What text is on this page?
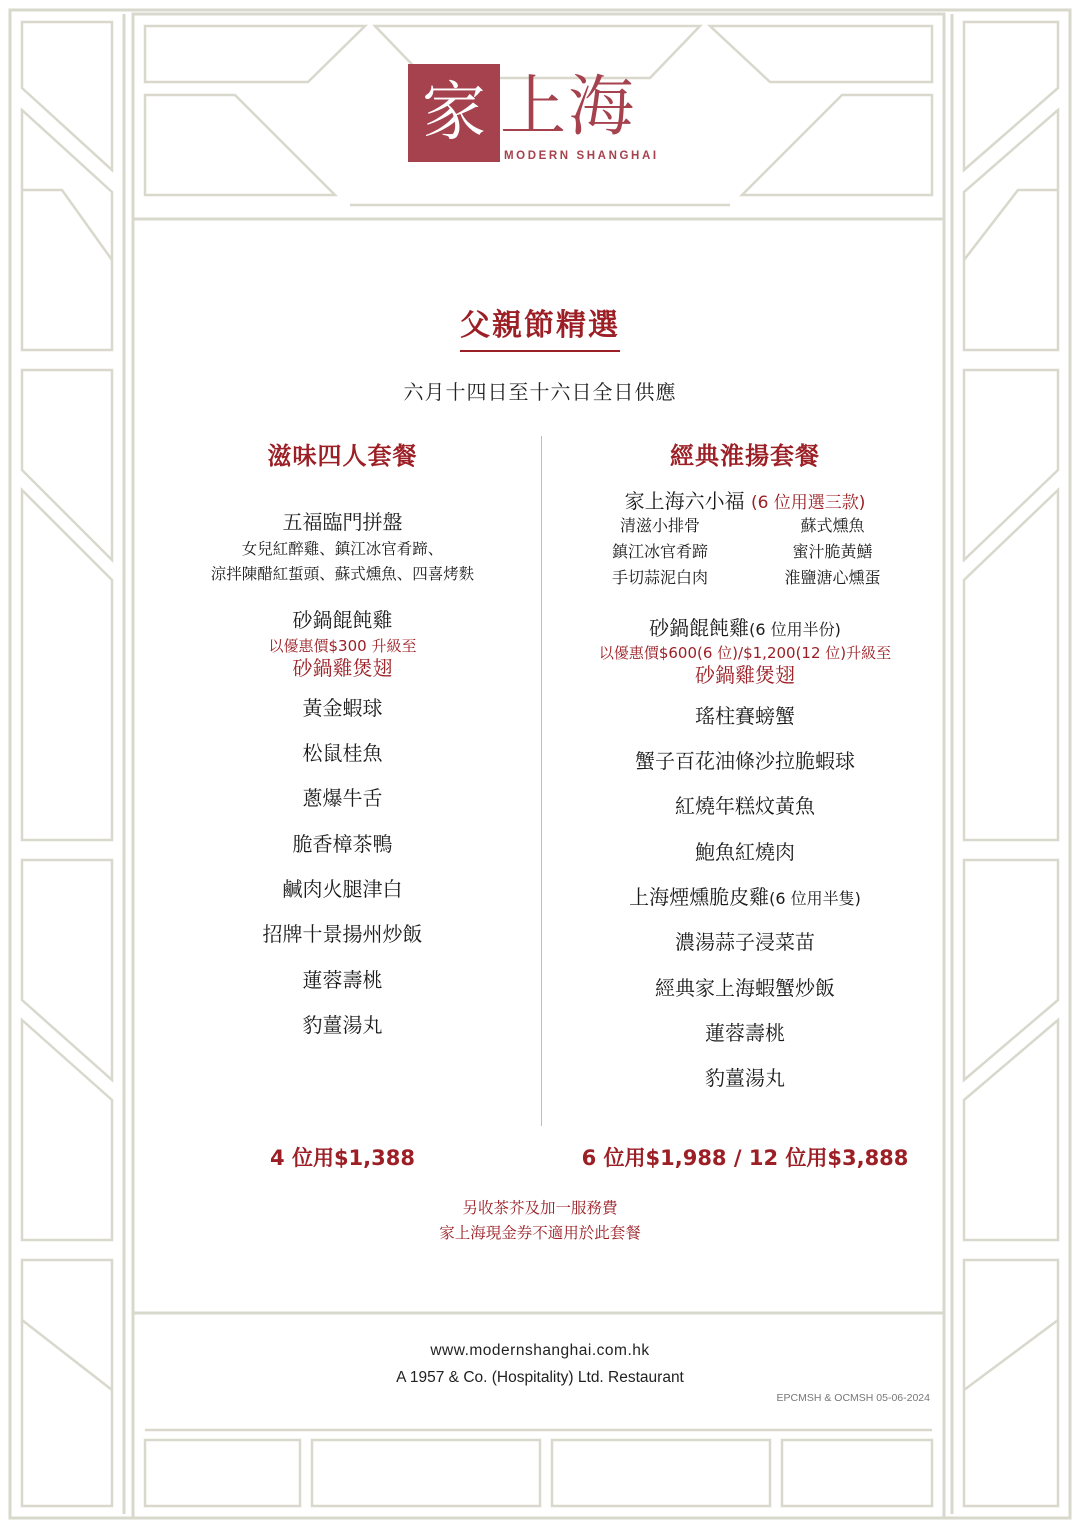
家 上海
MODERN SHANGHAI
父親節精選
六月十四日至十六日全日供應
滋味四人套餐
五福臨門拼盤
女兒紅醉雞、鎮江冰官肴蹄、
涼拌陳醋紅蜇頭、蘇式燻魚、四喜烤麩
砂鍋餛飩雞
以優惠價$300 升級至
砂鍋雞煲翅
黃金蝦球
松鼠桂魚
蔥爆牛舌
脆香樟茶鴨
鹹肉火腿津白
招牌十景揚州炒飯
蓮蓉壽桃
豹薑湯丸
4 位用$1,388
經典淮揚套餐
家上海六小福 (6 位用選三款)
清滋小排骨	蘇式燻魚
鎮江冰官肴蹄	蜜汁脆黃鱔
手切蒜泥白肉	淮鹽溏心燻蛋
砂鍋餛飩雞(6 位用半份)
以優惠價$600(6 位)/$1,200(12 位)升級至
砂鍋雞煲翅
瑤柱賽螃蟹
蟹子百花油條沙拉脆蝦球
紅燒年糕炆黃魚
鮑魚紅燒肉
上海煙燻脆皮雞(6 位用半隻)
濃湯蒜子浸菜苗
經典家上海蝦蟹炒飯
蓮蓉壽桃
豹薑湯丸
6 位用$1,988 / 12 位用$3,888
另收茶芥及加一服務費
家上海現金券不適用於此套餐
www.modernshanghai.com.hk
A 1957 & Co. (Hospitality) Ltd. Restaurant
EPCMSH & OCMSH 05-06-2024
